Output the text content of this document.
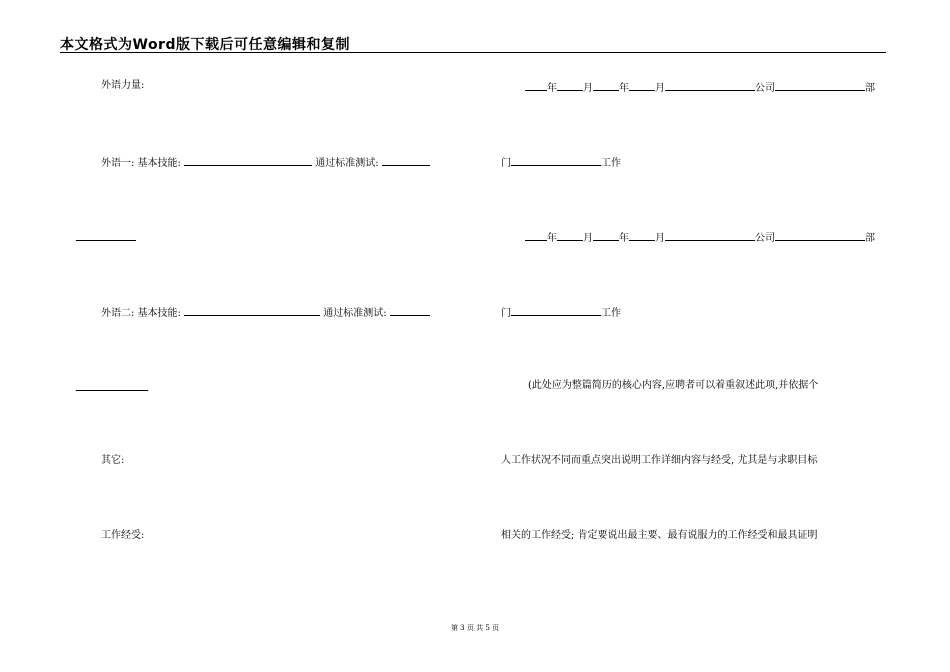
本文格式为Word版下载后可任意编辑和复制
外语力量:
外语一: 基本技能:	通过标准测试:
外语二: 基本技能:	通过标准测试:
其它:
工作经受:
年	月	年	月	公司	部
门	工作
年	月	年	月	公司	部
门	工作
(此处应为整篇简历的核心内容,应聘者可以着重叙述此项,并依据个
人工作状况不同而重点突出说明工作详细内容与经受, 尤其是与求职目标
相关的工作经受; 肯定要说出最主要、最有说服力的工作经受和最具证明
第 3 页 共 5 页
